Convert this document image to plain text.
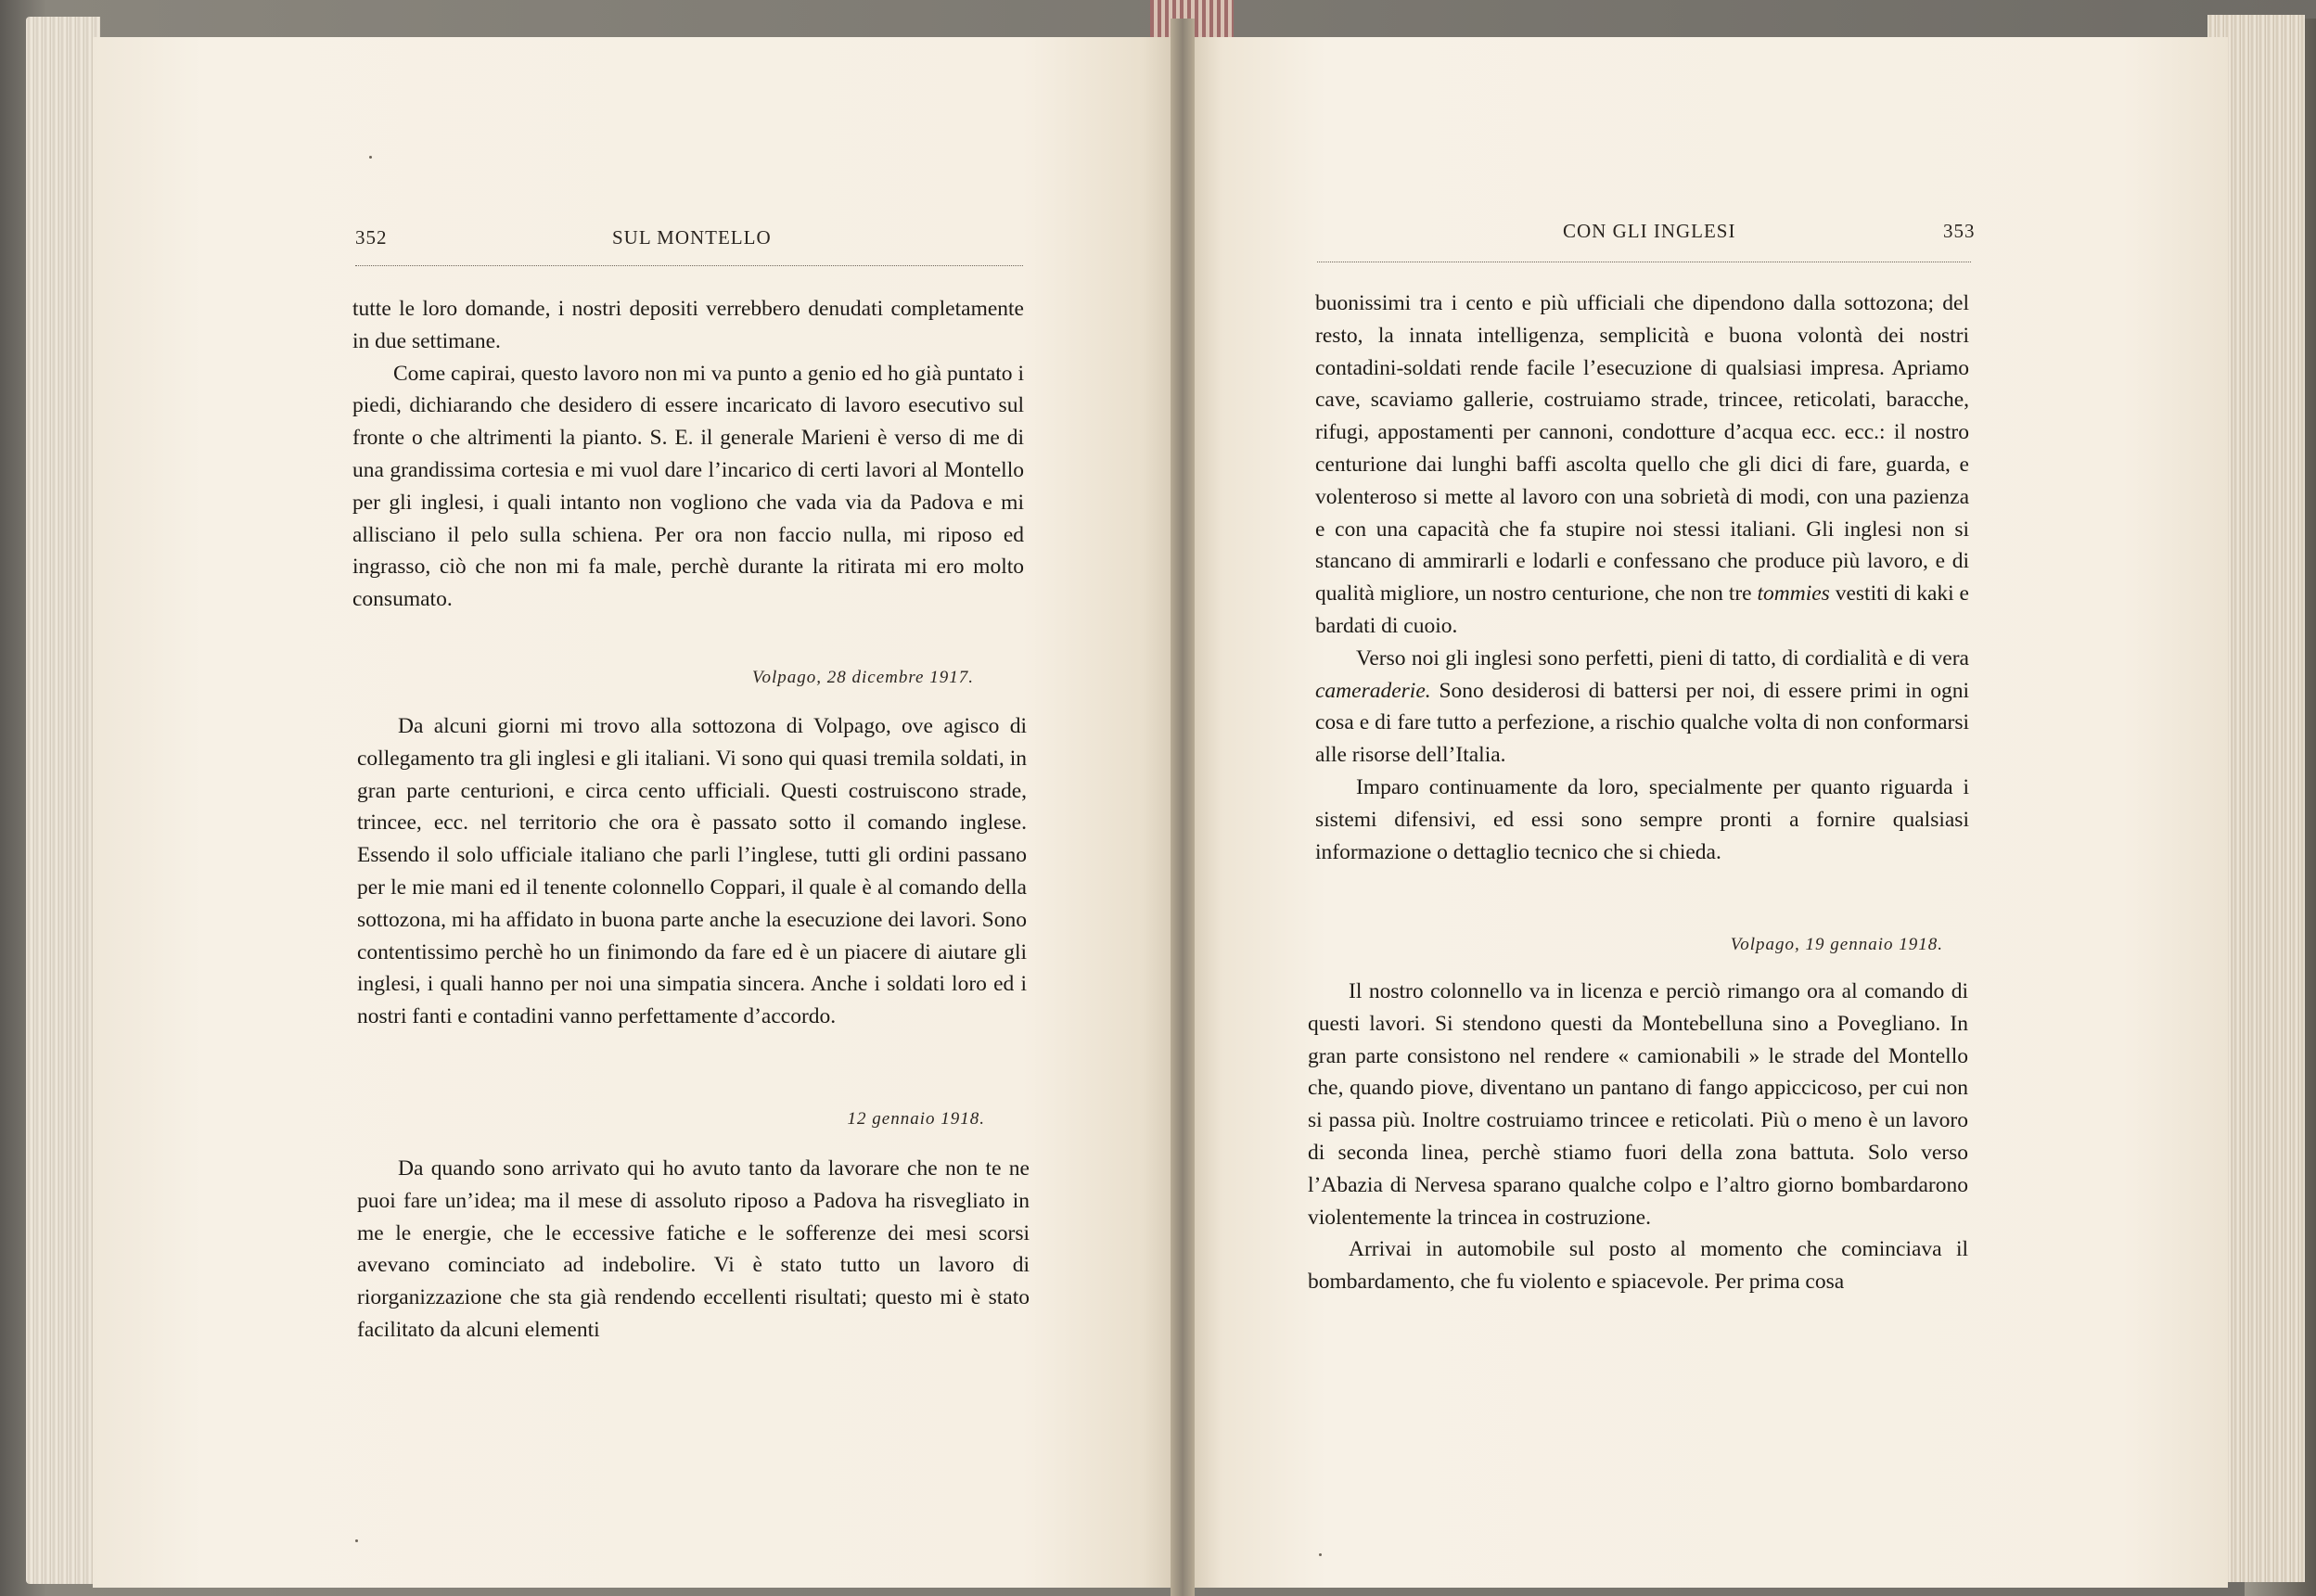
352	SUL MONTELLO

tutte le loro domande, i nostri depositi verrebbero denudati completamente in due settimane.

Come capirai, questo lavoro non mi va punto a genio ed ho già puntato i piedi, dichiarando che desidero di essere incaricato di lavoro esecutivo sul fronte o che altrimenti la pianto. S. E. il generale Marieni è verso di me di una grandissima cortesia e mi vuol dare l’incarico di certi lavori al Montello per gli inglesi, i quali intanto non vogliono che vada via da Padova e mi allisciano il pelo sulla schiena. Per ora non faccio nulla, mi riposo ed ingrasso, ciò che non mi fa male, perchè durante la ritirata mi ero molto consumato.

Volpago, 28 dicembre 1917.

Da alcuni giorni mi trovo alla sottozona di Volpago, ove agisco di collegamento tra gli inglesi e gli italiani. Vi sono qui quasi tremila soldati, in gran parte centurioni, e circa cento ufficiali. Questi costruiscono strade, trincee, ecc. nel territorio che ora è passato sotto il comando inglese. Essendo il solo ufficiale italiano che parli l’inglese, tutti gli ordini passano per le mie mani ed il tenente colonnello Coppari, il quale è al comando della sottozona, mi ha affidato in buona parte anche la esecuzione dei lavori. Sono contentissimo perchè ho un finimondo da fare ed è un piacere di aiutare gli inglesi, i quali hanno per noi una simpatia sincera. Anche i soldati loro ed i nostri fanti e contadini vanno perfettamente d’accordo.

12 gennaio 1918.

Da quando sono arrivato qui ho avuto tanto da lavorare che non te ne puoi fare un’idea; ma il mese di assoluto riposo a Padova ha risvegliato in me le energie, che le eccessive fatiche e le sofferenze dei mesi scorsi avevano cominciato ad indebolire. Vi è stato tutto un lavoro di riorganizzazione che sta già rendendo eccellenti risultati; questo mi è stato facilitato da alcuni elementi

CON GLI INGLESI	353

buonissimi tra i cento e più ufficiali che dipendono dalla sottozona; del resto, la innata intelligenza, semplicità e buona volontà dei nostri contadini-soldati rende facile l’esecuzione di qualsiasi impresa. Apriamo cave, scaviamo gallerie, costruiamo strade, trincee, reticolati, baracche, rifugi, appostamenti per cannoni, condotture d’acqua ecc. ecc.: il nostro centurione dai lunghi baffi ascolta quello che gli dici di fare, guarda, e volenteroso si mette al lavoro con una sobrietà di modi, con una pazienza e con una capacità che fa stupire noi stessi italiani. Gli inglesi non si stancano di ammirarli e lodarli e confessano che produce più lavoro, e di qualità migliore, un nostro centurione, che non tre tommies vestiti di kaki e bardati di cuoio.

Verso noi gli inglesi sono perfetti, pieni di tatto, di cordialità e di vera cameraderie. Sono desiderosi di battersi per noi, di essere primi in ogni cosa e di fare tutto a perfezione, a rischio qualche volta di non conformarsi alle risorse dell’Italia.

Imparo continuamente da loro, specialmente per quanto riguarda i sistemi difensivi, ed essi sono sempre pronti a fornire qualsiasi informazione o dettaglio tecnico che si chieda.

Volpago, 19 gennaio 1918.

Il nostro colonnello va in licenza e perciò rimango ora al comando di questi lavori. Si stendono questi da Montebelluna sino a Povegliano. In gran parte consistono nel rendere « camionabili » le strade del Montello che, quando piove, diventano un pantano di fango appiccicoso, per cui non si passa più. Inoltre costruiamo trincee e reticolati. Più o meno è un lavoro di seconda linea, perchè stiamo fuori della zona battuta. Solo verso l’Abazia di Nervesa sparano qualche colpo e l’altro giorno bombardarono violentemente la trincea in costruzione.

Arrivai in automobile sul posto al momento che cominciava il bombardamento, che fu violento e spiacevole. Per prima cosa
